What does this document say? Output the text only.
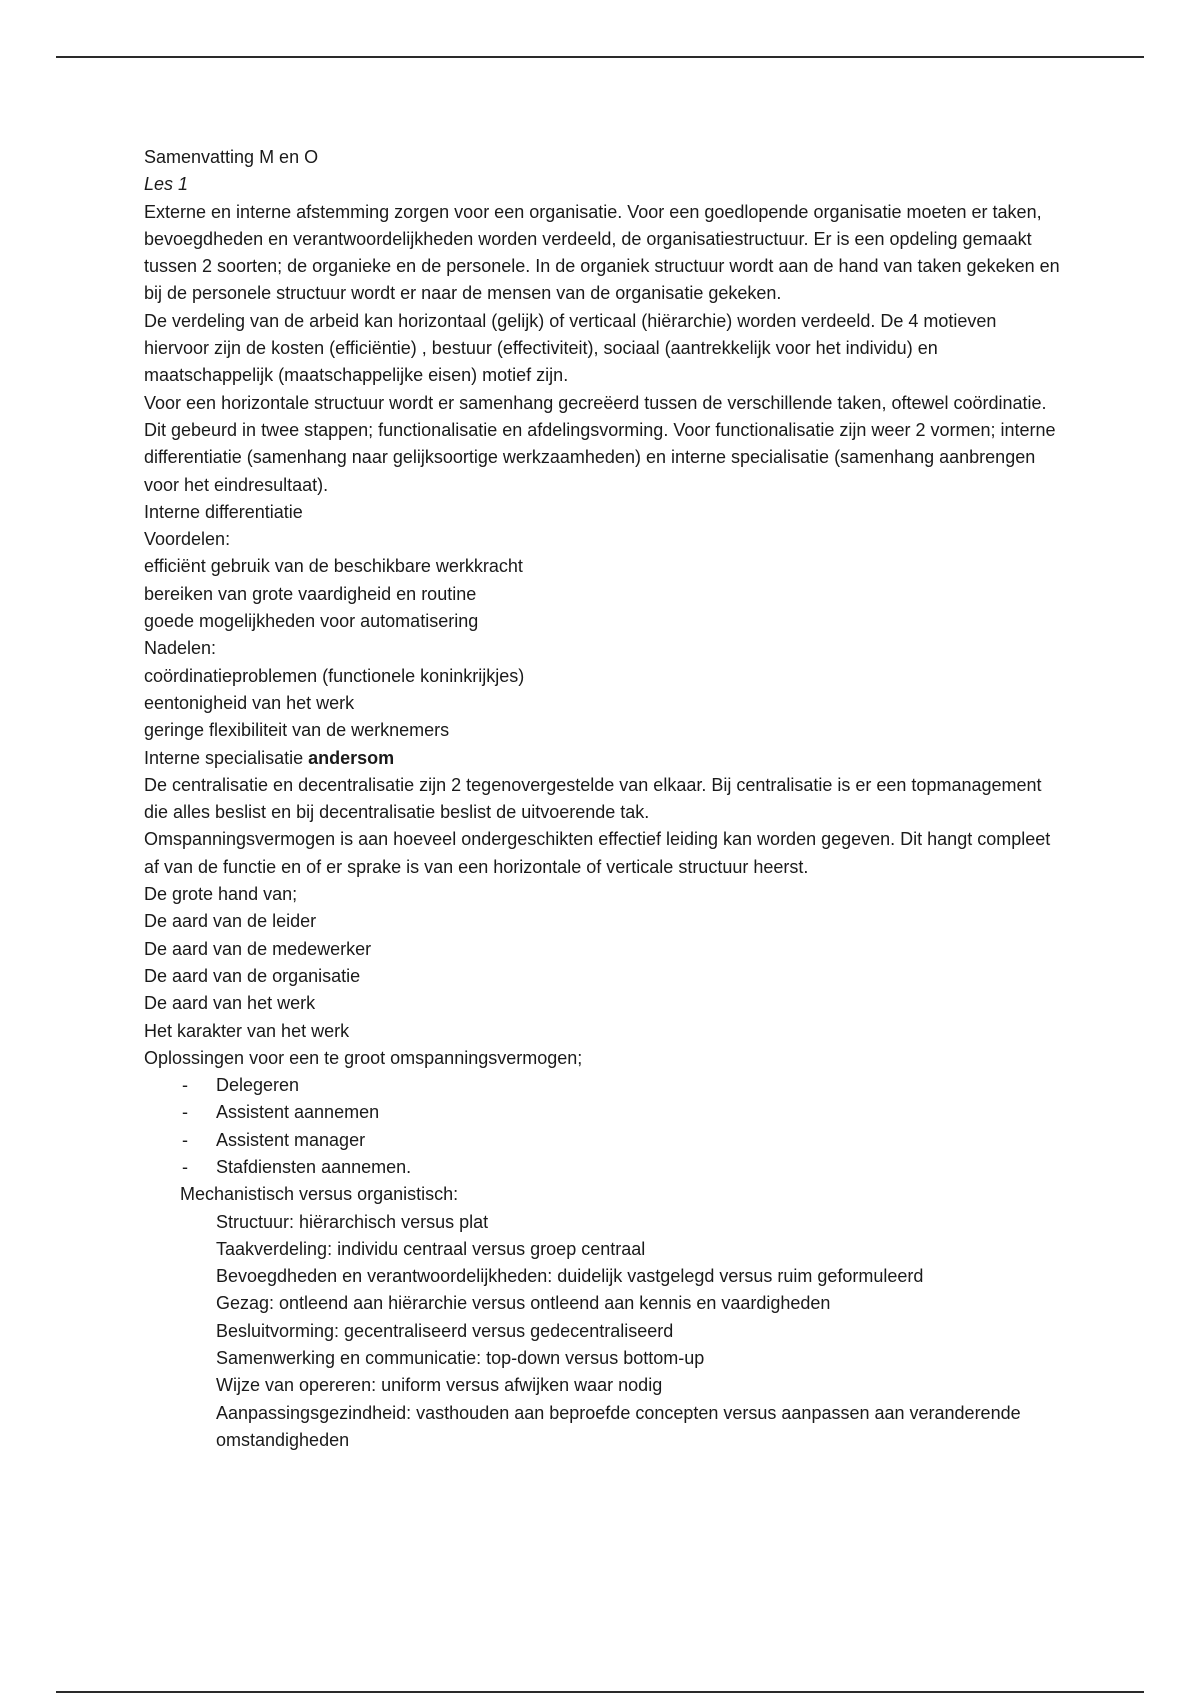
Samenvatting M en O

Les 1

Externe en interne afstemming zorgen voor een organisatie. Voor een goedlopende organisatie moeten er taken, bevoegdheden en verantwoordelijkheden worden verdeeld, de organisatiestructuur. Er is een opdeling gemaakt tussen 2 soorten; de organieke en de personele. In de organiek structuur wordt aan de hand van taken gekeken en bij de personele structuur wordt er naar de mensen van de organisatie gekeken.

De verdeling van de arbeid kan horizontaal (gelijk) of verticaal (hiërarchie) worden verdeeld. De 4 motieven hiervoor zijn de kosten (efficiëntie) , bestuur (effectiviteit), sociaal (aantrekkelijk voor het individu) en maatschappelijk (maatschappelijke eisen) motief zijn.

Voor een horizontale structuur wordt er samenhang gecreëerd tussen de verschillende taken, oftewel coördinatie. Dit gebeurd in twee stappen; functionalisatie en afdelingsvorming. Voor functionalisatie zijn weer 2 vormen; interne differentiatie (samenhang naar gelijksoortige werkzaamheden) en interne specialisatie (samenhang aanbrengen voor het eindresultaat).

Interne differentiatie

Voordelen:

efficiënt gebruik van de beschikbare werkkracht

bereiken van grote vaardigheid en routine

goede mogelijkheden voor automatisering

Nadelen:

coördinatieproblemen (functionele koninkrijkjes)

eentonigheid van het werk

geringe flexibiliteit van de werknemers

Interne specialisatie andersom

De centralisatie en decentralisatie zijn 2 tegenovergestelde van elkaar. Bij centralisatie is er een topmanagement die alles beslist en bij decentralisatie beslist de uitvoerende tak.

Omspanningsvermogen is aan hoeveel ondergeschikten effectief leiding kan worden gegeven. Dit hangt compleet af van de functie en of er sprake is van een horizontale of verticale structuur heerst.

De grote hand van;

De aard van de leider

De aard van de medewerker

De aard van de organisatie

De aard van het werk

Het karakter van het werk

Oplossingen voor een te groot omspanningsvermogen;

- Delegeren
- Assistent aannemen
- Assistent manager
- Stafdiensten aannemen.

Mechanistisch versus organistisch:

Structuur: hiërarchisch versus plat

Taakverdeling: individu centraal versus groep centraal

Bevoegdheden en verantwoordelijkheden: duidelijk vastgelegd versus ruim geformuleerd

Gezag: ontleend aan hiërarchie versus ontleend aan kennis en vaardigheden

Besluitvorming: gecentraliseerd versus gedecentraliseerd

Samenwerking en communicatie: top-down versus bottom-up

Wijze van opereren: uniform versus afwijken waar nodig

Aanpassingsgezindheid: vasthouden aan beproefde concepten versus aanpassen aan veranderende omstandigheden
